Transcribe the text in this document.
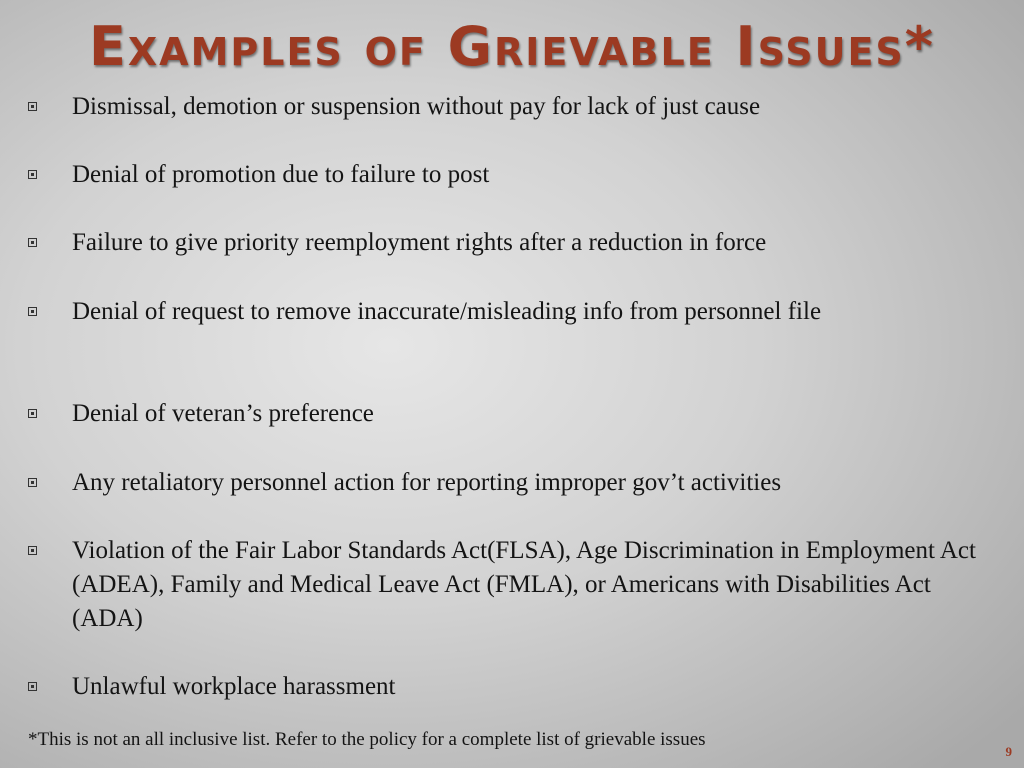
Examples of Grievable Issues*
Dismissal, demotion or suspension without pay for lack of just cause
Denial of promotion due to failure to post
Failure to give priority reemployment rights after a reduction in force
Denial of request to remove inaccurate/misleading info from personnel file
Denial of veteran’s preference
Any retaliatory personnel action for reporting improper gov’t activities
Violation of the Fair Labor Standards Act(FLSA), Age Discrimination in Employment Act (ADEA), Family and Medical Leave Act (FMLA), or Americans with Disabilities Act (ADA)
Unlawful workplace harassment
*This is not an all inclusive list. Refer to the policy for a complete list of grievable issues
9
